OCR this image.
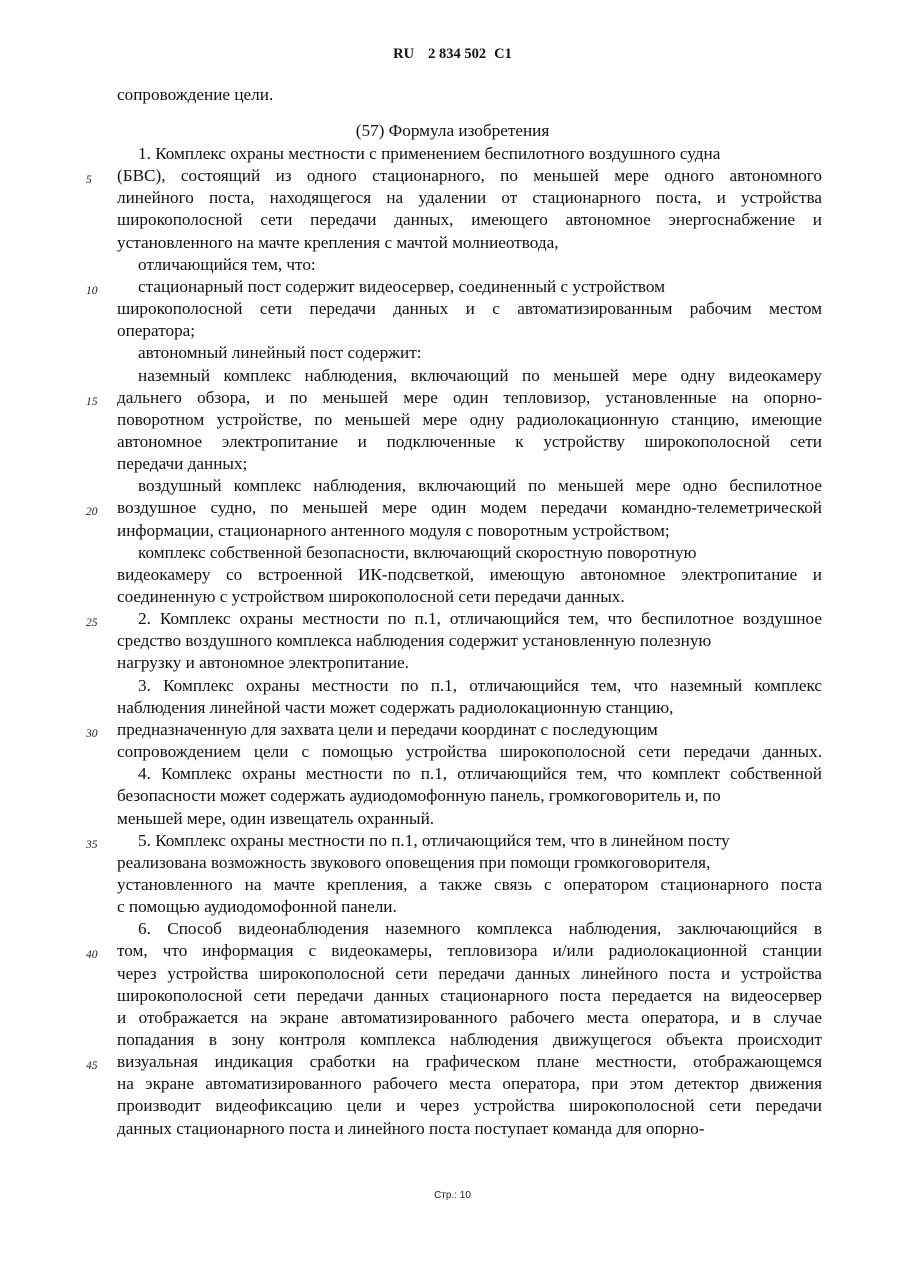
RU 2 834 502 C1
сопровождение цели.
(57) Формула изобретения
1. Комплекс охраны местности с применением беспилотного воздушного судна
(БВС), состоящий из одного стационарного, по меньшей мере одного автономного
линейного поста, находящегося на удалении от стационарного поста, и устройства
широкополосной сети передачи данных, имеющего автономное энергоснабжение и
установленного на мачте крепления с мачтой молниеотвода,
отличающийся тем, что:
стационарный пост содержит видеосервер, соединенный с устройством
широкополосной сети передачи данных и с автоматизированным рабочим местом
оператора;
автономный линейный пост содержит:
наземный комплекс наблюдения, включающий по меньшей мере одну видеокамеру
дальнего обзора, и по меньшей мере один тепловизор, установленные на опорно-
поворотном устройстве, по меньшей мере одну радиолокационную станцию, имеющие
автономное электропитание и подключенные к устройству широкополосной сети
передачи данных;
воздушный комплекс наблюдения, включающий по меньшей мере одно беспилотное
воздушное судно, по меньшей мере один модем передачи командно-телеметрической
информации, стационарного антенного модуля с поворотным устройством;
комплекс собственной безопасности, включающий скоростную поворотную
видеокамеру со встроенной ИК-подсветкой, имеющую автономное электропитание и
соединенную с устройством широкополосной сети передачи данных.
2. Комплекс охраны местности по п.1, отличающийся тем, что беспилотное воздушное
средство воздушного комплекса наблюдения содержит установленную полезную
нагрузку и автономное электропитание.
3. Комплекс охраны местности по п.1, отличающийся тем, что наземный комплекс
наблюдения линейной части может содержать радиолокационную станцию,
предназначенную для захвата цели и передачи координат с последующим
сопровождением цели с помощью устройства широкополосной сети передачи данных.
4. Комплекс охраны местности по п.1, отличающийся тем, что комплект собственной
безопасности может содержать аудиодомофонную панель, громкоговоритель и, по
меньшей мере, один извещатель охранный.
5. Комплекс охраны местности по п.1, отличающийся тем, что в линейном посту
реализована возможность звукового оповещения при помощи громкоговорителя,
установленного на мачте крепления, а также связь с оператором стационарного поста
с помощью аудиодомофонной панели.
6. Способ видеонаблюдения наземного комплекса наблюдения, заключающийся в
том, что информация с видеокамеры, тепловизора и/или радиолокационной станции
через устройства широкополосной сети передачи данных линейного поста и устройства
широкополосной сети передачи данных стационарного поста передается на видеосервер
и отображается на экране автоматизированного рабочего места оператора, и в случае
попадания в зону контроля комплекса наблюдения движущегося объекта происходит
визуальная индикация сработки на графическом плане местности, отображающемся
на экране автоматизированного рабочего места оператора, при этом детектор движения
производит видеофиксацию цели и через устройства широкополосной сети передачи
данных стационарного поста и линейного поста поступает команда для опорно-
5
10
15
20
25
30
35
40
45
Стр.: 10
